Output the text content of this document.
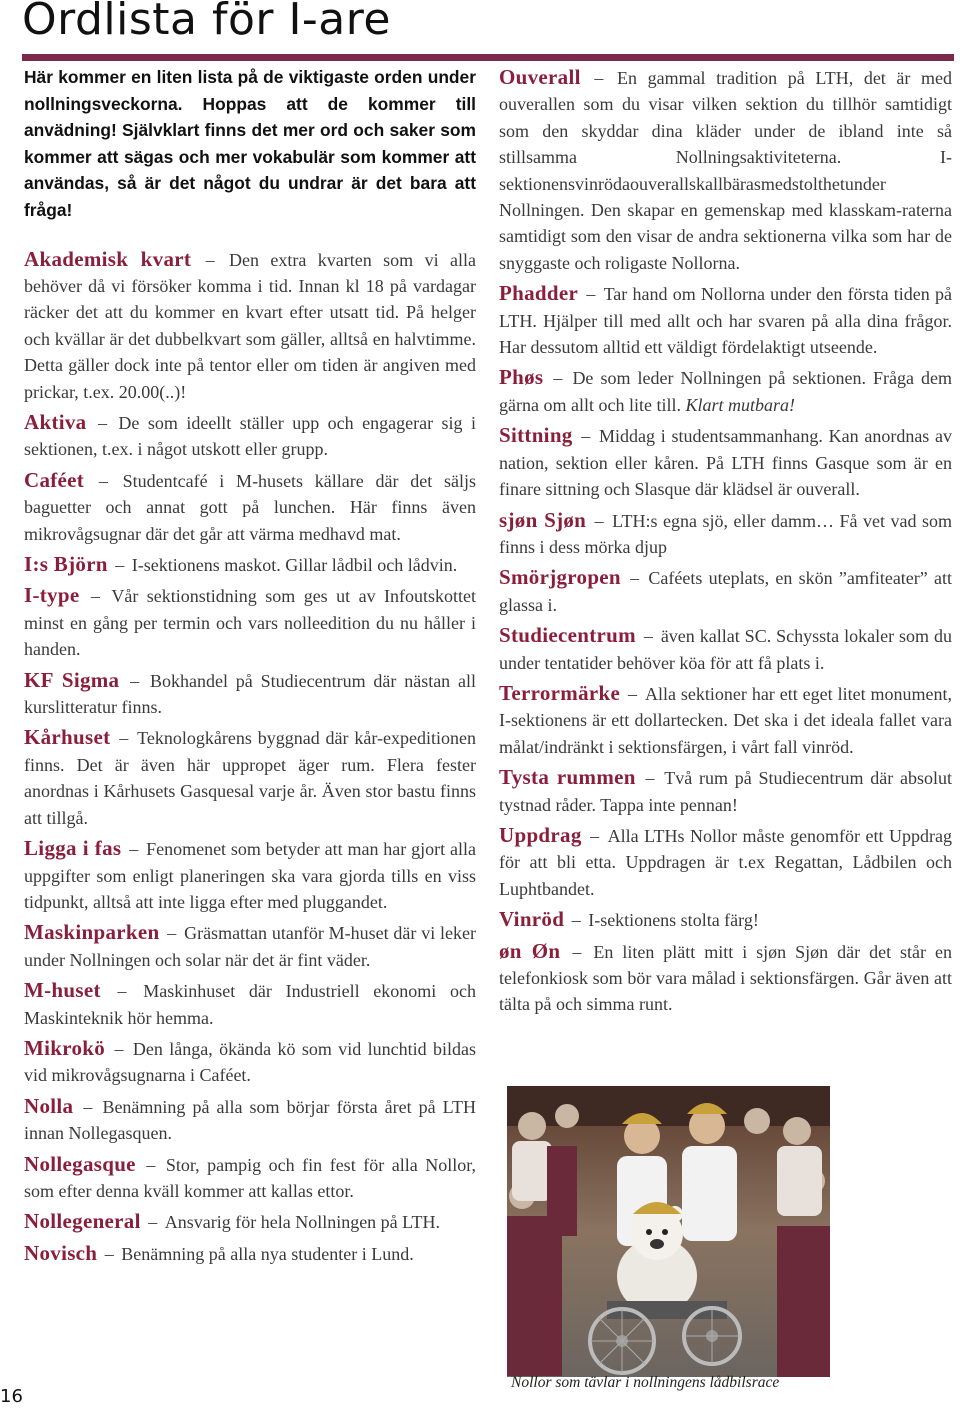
Ordlista för I-are

Här kommer en liten lista på de viktigaste orden under nollningsveckorna. Hoppas att de kommer till anvädning! Självklart finns det mer ord och saker som kommer att sägas och mer vokabulär som kommer att användas, så är det något du undrar är det bara att fråga!

Akademisk kvart – Den extra kvarten som vi alla behöver då vi försöker komma i tid. Innan kl 18 på vardagar räcker det att du kommer en kvart efter utsatt tid. På helger och kvällar är det dubbelkvart som gäller, alltså en halvtimme. Detta gäller dock inte på tentor eller om tiden är angiven med prickar, t.ex. 20.00(..)!

Aktiva – De som ideellt ställer upp och engagerar sig i sektionen, t.ex. i något utskott eller grupp.

Caféet – Studentcafé i M-husets källare där det säljs baguetter och annat gott på lunchen. Här finns även mikrovågsugnar där det går att värma medhavd mat.

I:s Björn – I-sektionens maskot. Gillar lådbil och lådvin.

I-type – Vår sektionstidning som ges ut av Infoutskottet minst en gång per termin och vars nolleedition du nu håller i handen.

KF Sigma – Bokhandel på Studiecentrum där nästan all kurslitteratur finns.

Kårhuset – Teknologkårens byggnad där kår-expeditionen finns. Det är även här uppropet äger rum. Flera fester anordnas i Kårhusets Gasquesal varje år. Även stor bastu finns att tillgå.

Ligga i fas – Fenomenet som betyder att man har gjort alla uppgifter som enligt planeringen ska vara gjorda tills en viss tidpunkt, alltså att inte ligga efter med pluggandet.

Maskinparken – Gräsmattan utanför M-huset där vi leker under Nollningen och solar när det är fint väder.

M-huset – Maskinhuset där Industriell ekonomi och Maskinteknik hör hemma.

Mikrokö – Den långa, ökända kö som vid lunchtid bildas vid mikrovågsugnarna i Caféet.

Nolla – Benämning på alla som börjar första året på LTH innan Nollegasquen.

Nollegasque – Stor, pampig och fin fest för alla Nollor, som efter denna kväll kommer att kallas ettor.

Nollegeneral – Ansvarig för hela Nollningen på LTH.

Novisch – Benämning på alla nya studenter i Lund.

Ouverall – En gammal tradition på LTH, det är med ouverallen som du visar vilken sektion du tillhör samtidigt som den skyddar dina kläder under de ibland inte så stillsamma Nollningsaktiviteterna. I-sektionensvinrödaouverallskallbärasmedstolthetunder Nollningen. Den skapar en gemenskap med klasskam-raterna samtidigt som den visar de andra sektionerna vilka som har de snyggaste och roligaste Nollorna.

Phadder – Tar hand om Nollorna under den första tiden på LTH. Hjälper till med allt och har svaren på alla dina frågor. Har dessutom alltid ett väldigt fördelaktigt utseende.

Phøs – De som leder Nollningen på sektionen. Fråga dem gärna om allt och lite till. Klart mutbara!

Sittning – Middag i studentsammanhang. Kan anordnas av nation, sektion eller kåren. På LTH finns Gasque som är en finare sittning och Slasque där klädsel är ouverall.

sjøn Sjøn – LTH:s egna sjö, eller damm… Få vet vad som finns i dess mörka djup

Smörjgropen – Caféets uteplats, en skön ”amfiteater” att glassa i.

Studiecentrum – även kallat SC. Schyssta lokaler som du under tentatider behöver köa för att få plats i.

Terrormärke – Alla sektioner har ett eget litet monument, I-sektionens är ett dollartecken. Det ska i det ideala fallet vara målat/indränkt i sektionsfärgen, i vårt fall vinröd.

Tysta rummen – Två rum på Studiecentrum där absolut tystnad råder. Tappa inte pennan!

Uppdrag – Alla LTHs Nollor måste genomför ett Uppdrag för att bli etta. Uppdragen är t.ex Regattan, Lådbilen och Luphtbandet.

Vinröd – I-sektionens stolta färg!

øn Øn – En liten plätt mitt i sjøn Sjøn där det står en telefonkiosk som bör vara målad i sektionsfärgen. Går även att tälta på och simma runt.

Nollor som tävlar i nollningens lådbilsrace
16
